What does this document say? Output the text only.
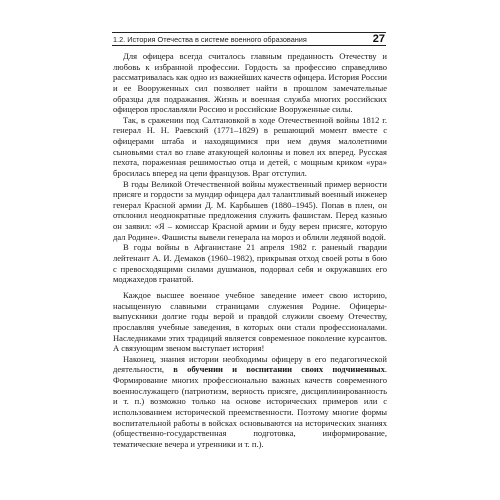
1.2. История Отечества в системе военного образования	27

Для офицера всегда считалось главным преданность Отечеству и любовь к избранной профессии. Гордость за профессию справедливо рассматривалась как одно из важнейших качеств офицера. История России и ее Вооруженных сил позволяет найти в прошлом замечательные образцы для подражания. Жизнь и военная служба многих российских офицеров прославляли Россию и российские Вооруженные силы.

Так, в сражении под Салтановкой в ходе Отечественной войны 1812 г. генерал Н. Н. Раевский (1771–1829) в решающий момент вместе с офицерами штаба и находящимися при нем двумя малолетними сыновьями стал во главе атакующей колонны и повел их вперед. Русская пехота, пораженная решимостью отца и детей, с мощным криком «ура» бросилась вперед на цепи французов. Враг отступил.

В годы Великой Отечественной войны мужественный пример верности присяге и гордости за мундир офицера дал талантливый военный инженер генерал Красной армии Д. М. Карбышев (1880–1945). Попав в плен, он отклонил неоднократные предложения служить фашистам. Перед казнью он заявил: «Я – комиссар Красной армии и буду верен присяге, которую дал Родине». Фашисты вывели генерала на мороз и облили ледяной водой.

В годы войны в Афганистане 21 апреля 1982 г. раненый гвардии лейтенант А. И. Демаков (1960–1982), прикрывая отход своей роты в бою с превосходящими силами душманов, подорвал себя и окружавших его моджахедов гранатой.

Каждое высшее военное учебное заведение имеет свою историю, насыщенную славными страницами служения Родине. Офицеры-выпускники долгие годы верой и правдой служили своему Отечеству, прославляя учебные заведения, в которых они стали профессионалами. Наследниками этих традиций является современное поколение курсантов. А связующим звеном выступает история!

Наконец, знания истории необходимы офицеру в его педагогической деятельности, в обучении и воспитании своих подчиненных. Формирование многих профессионально важных качеств современного военнослужащего (патриотизм, верность присяге, дисциплинированность и т. п.) возможно только на основе исторических примеров или с использованием исторической преемственности. Поэтому многие формы воспитательной работы в войсках основываются на исторических знаниях (общественно-государственная подготовка, информирование, тематические вечера и утренники и т. п.).
